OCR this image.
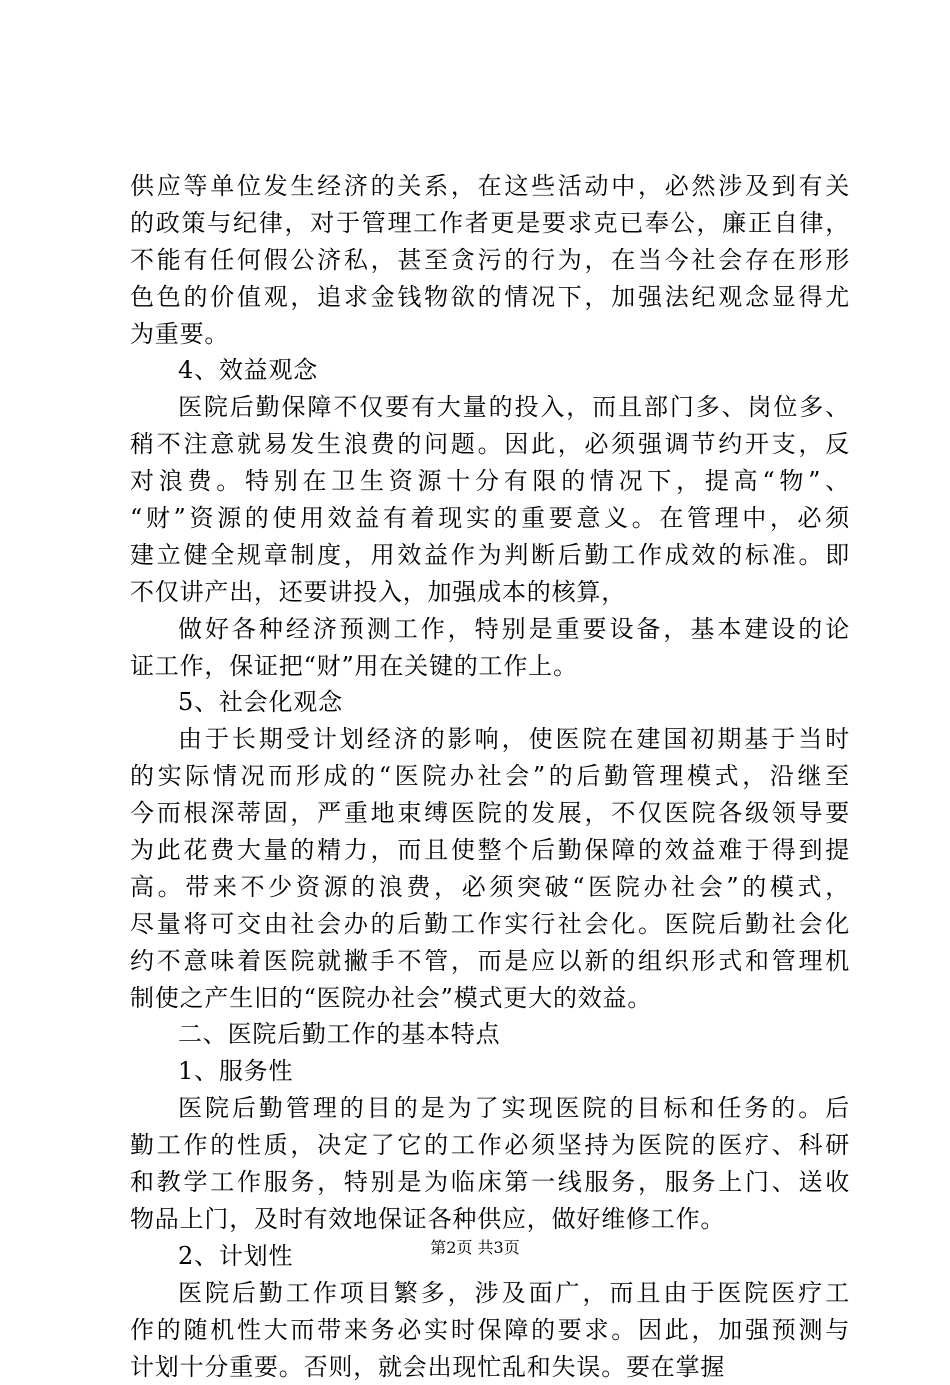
供应等单位发生经济的关系，在这些活动中，必然涉及到有关
的政策与纪律，对于管理工作者更是要求克已奉公，廉正自律，
不能有任何假公济私，甚至贪污的行为，在当今社会存在形形
色色的价值观，追求金钱物欲的情况下，加强法纪观念显得尤
为重要。
4、效益观念
医院后勤保障不仅要有大量的投入，而且部门多、岗位多、
稍不注意就易发生浪费的问题。因此，必须强调节约开支，反
对浪费。特别在卫生资源十分有限的情况下，提高“物”、
“财”资源的使用效益有着现实的重要意义。在管理中，必须
建立健全规章制度，用效益作为判断后勤工作成效的标准。即
不仅讲产出，还要讲投入，加强成本的核算，
做好各种经济预测工作，特别是重要设备，基本建设的论
证工作，保证把“财”用在关键的工作上。
5、社会化观念
由于长期受计划经济的影响，使医院在建国初期基于当时
的实际情况而形成的“医院办社会”的后勤管理模式，沿继至
今而根深蒂固，严重地束缚医院的发展，不仅医院各级领导要
为此花费大量的精力，而且使整个后勤保障的效益难于得到提
高。带来不少资源的浪费，必须突破“医院办社会”的模式，
尽量将可交由社会办的后勤工作实行社会化。医院后勤社会化
约不意味着医院就撇手不管，而是应以新的组织形式和管理机
制使之产生旧的“医院办社会”模式更大的效益。
二、医院后勤工作的基本特点
1、服务性
医院后勤管理的目的是为了实现医院的目标和任务的。后
勤工作的性质，决定了它的工作必须坚持为医院的医疗、科研
和教学工作服务，特别是为临床第一线服务，服务上门、送收
物品上门，及时有效地保证各种供应，做好维修工作。
2、计划性
医院后勤工作项目繁多，涉及面广，而且由于医院医疗工
作的随机性大而带来务必实时保障的要求。因此，加强预测与
计划十分重要。否则，就会出现忙乱和失误。要在掌握
第2页 共3页
